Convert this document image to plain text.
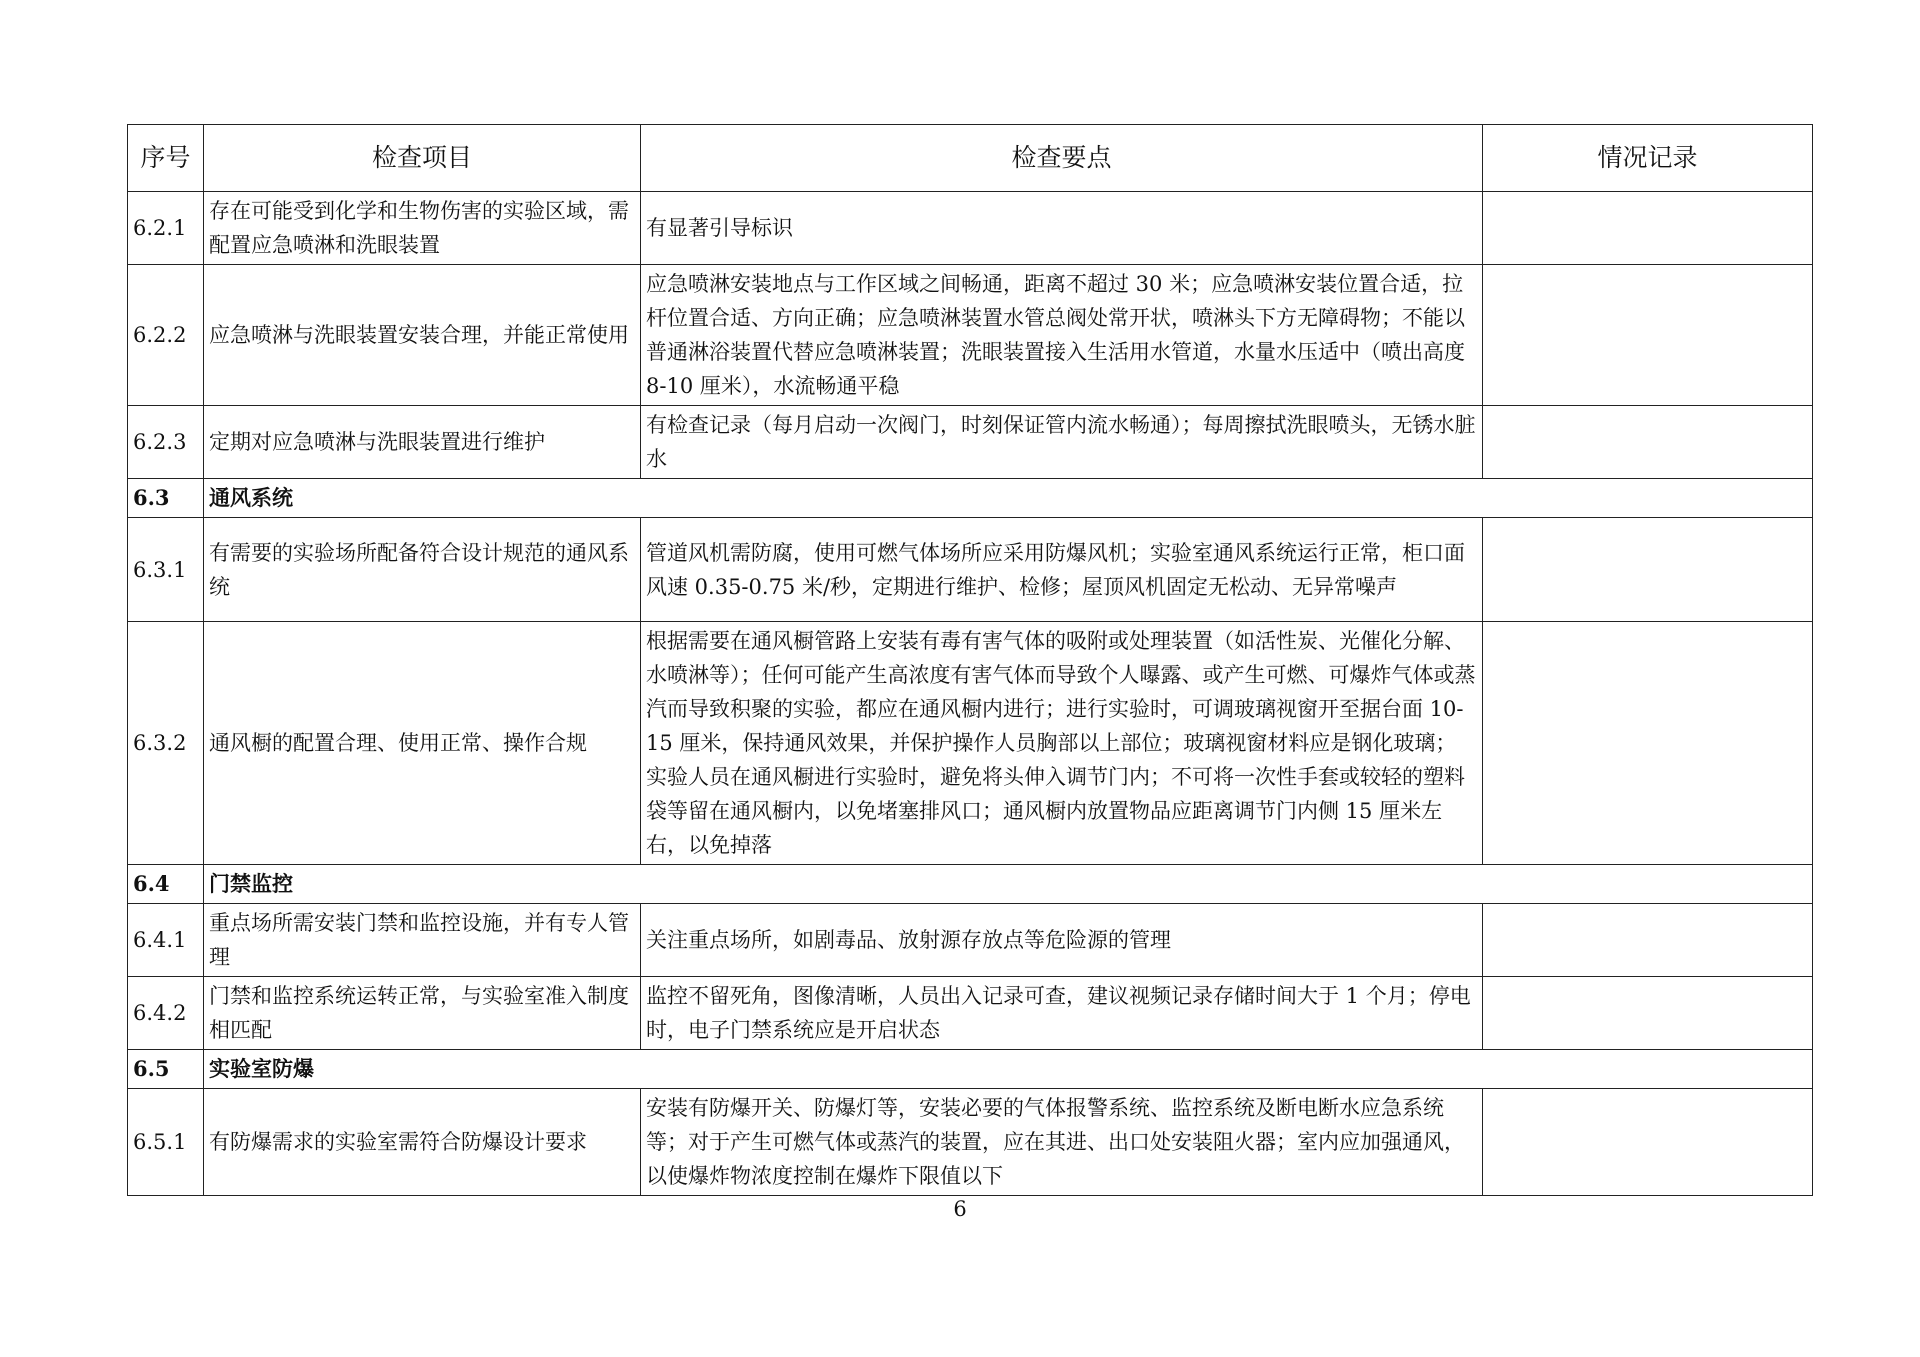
序号	检查项目	检查要点	情况记录
6.2.1	存在可能受到化学和生物伤害的实验区域，需配置应急喷淋和洗眼装置	有显著引导标识	
6.2.2	应急喷淋与洗眼装置安装合理，并能正常使用	应急喷淋安装地点与工作区域之间畅通，距离不超过 30 米；应急喷淋安装位置合适，拉杆位置合适、方向正确；应急喷淋装置水管总阀处常开状，喷淋头下方无障碍物；不能以普通淋浴装置代替应急喷淋装置；洗眼装置接入生活用水管道，水量水压适中（喷出高度 8-10 厘米），水流畅通平稳	
6.2.3	定期对应急喷淋与洗眼装置进行维护	有检查记录（每月启动一次阀门，时刻保证管内流水畅通）；每周擦拭洗眼喷头，无锈水脏水	
6.3	通风系统		
6.3.1	有需要的实验场所配备符合设计规范的通风系统	管道风机需防腐，使用可燃气体场所应采用防爆风机；实验室通风系统运行正常，柜口面风速 0.35-0.75 米/秒，定期进行维护、检修；屋顶风机固定无松动、无异常噪声	
6.3.2	通风橱的配置合理、使用正常、操作合规	根据需要在通风橱管路上安装有毒有害气体的吸附或处理装置（如活性炭、光催化分解、水喷淋等）；任何可能产生高浓度有害气体而导致个人曝露、或产生可燃、可爆炸气体或蒸汽而导致积聚的实验，都应在通风橱内进行；进行实验时，可调玻璃视窗开至据台面 10-15 厘米，保持通风效果，并保护操作人员胸部以上部位；玻璃视窗材料应是钢化玻璃；实验人员在通风橱进行实验时，避免将头伸入调节门内；不可将一次性手套或较轻的塑料袋等留在通风橱内，以免堵塞排风口；通风橱内放置物品应距离调节门内侧 15 厘米左右，以免掉落	
6.4	门禁监控		
6.4.1	重点场所需安装门禁和监控设施，并有专人管理	关注重点场所，如剧毒品、放射源存放点等危险源的管理	
6.4.2	门禁和监控系统运转正常，与实验室准入制度相匹配	监控不留死角，图像清晰，人员出入记录可查，建议视频记录存储时间大于 1 个月；停电时，电子门禁系统应是开启状态	
6.5	实验室防爆		
6.5.1	有防爆需求的实验室需符合防爆设计要求	安装有防爆开关、防爆灯等，安装必要的气体报警系统、监控系统及断电断水应急系统等；对于产生可燃气体或蒸汽的装置，应在其进、出口处安装阻火器；室内应加强通风，以使爆炸物浓度控制在爆炸下限值以下	
6
